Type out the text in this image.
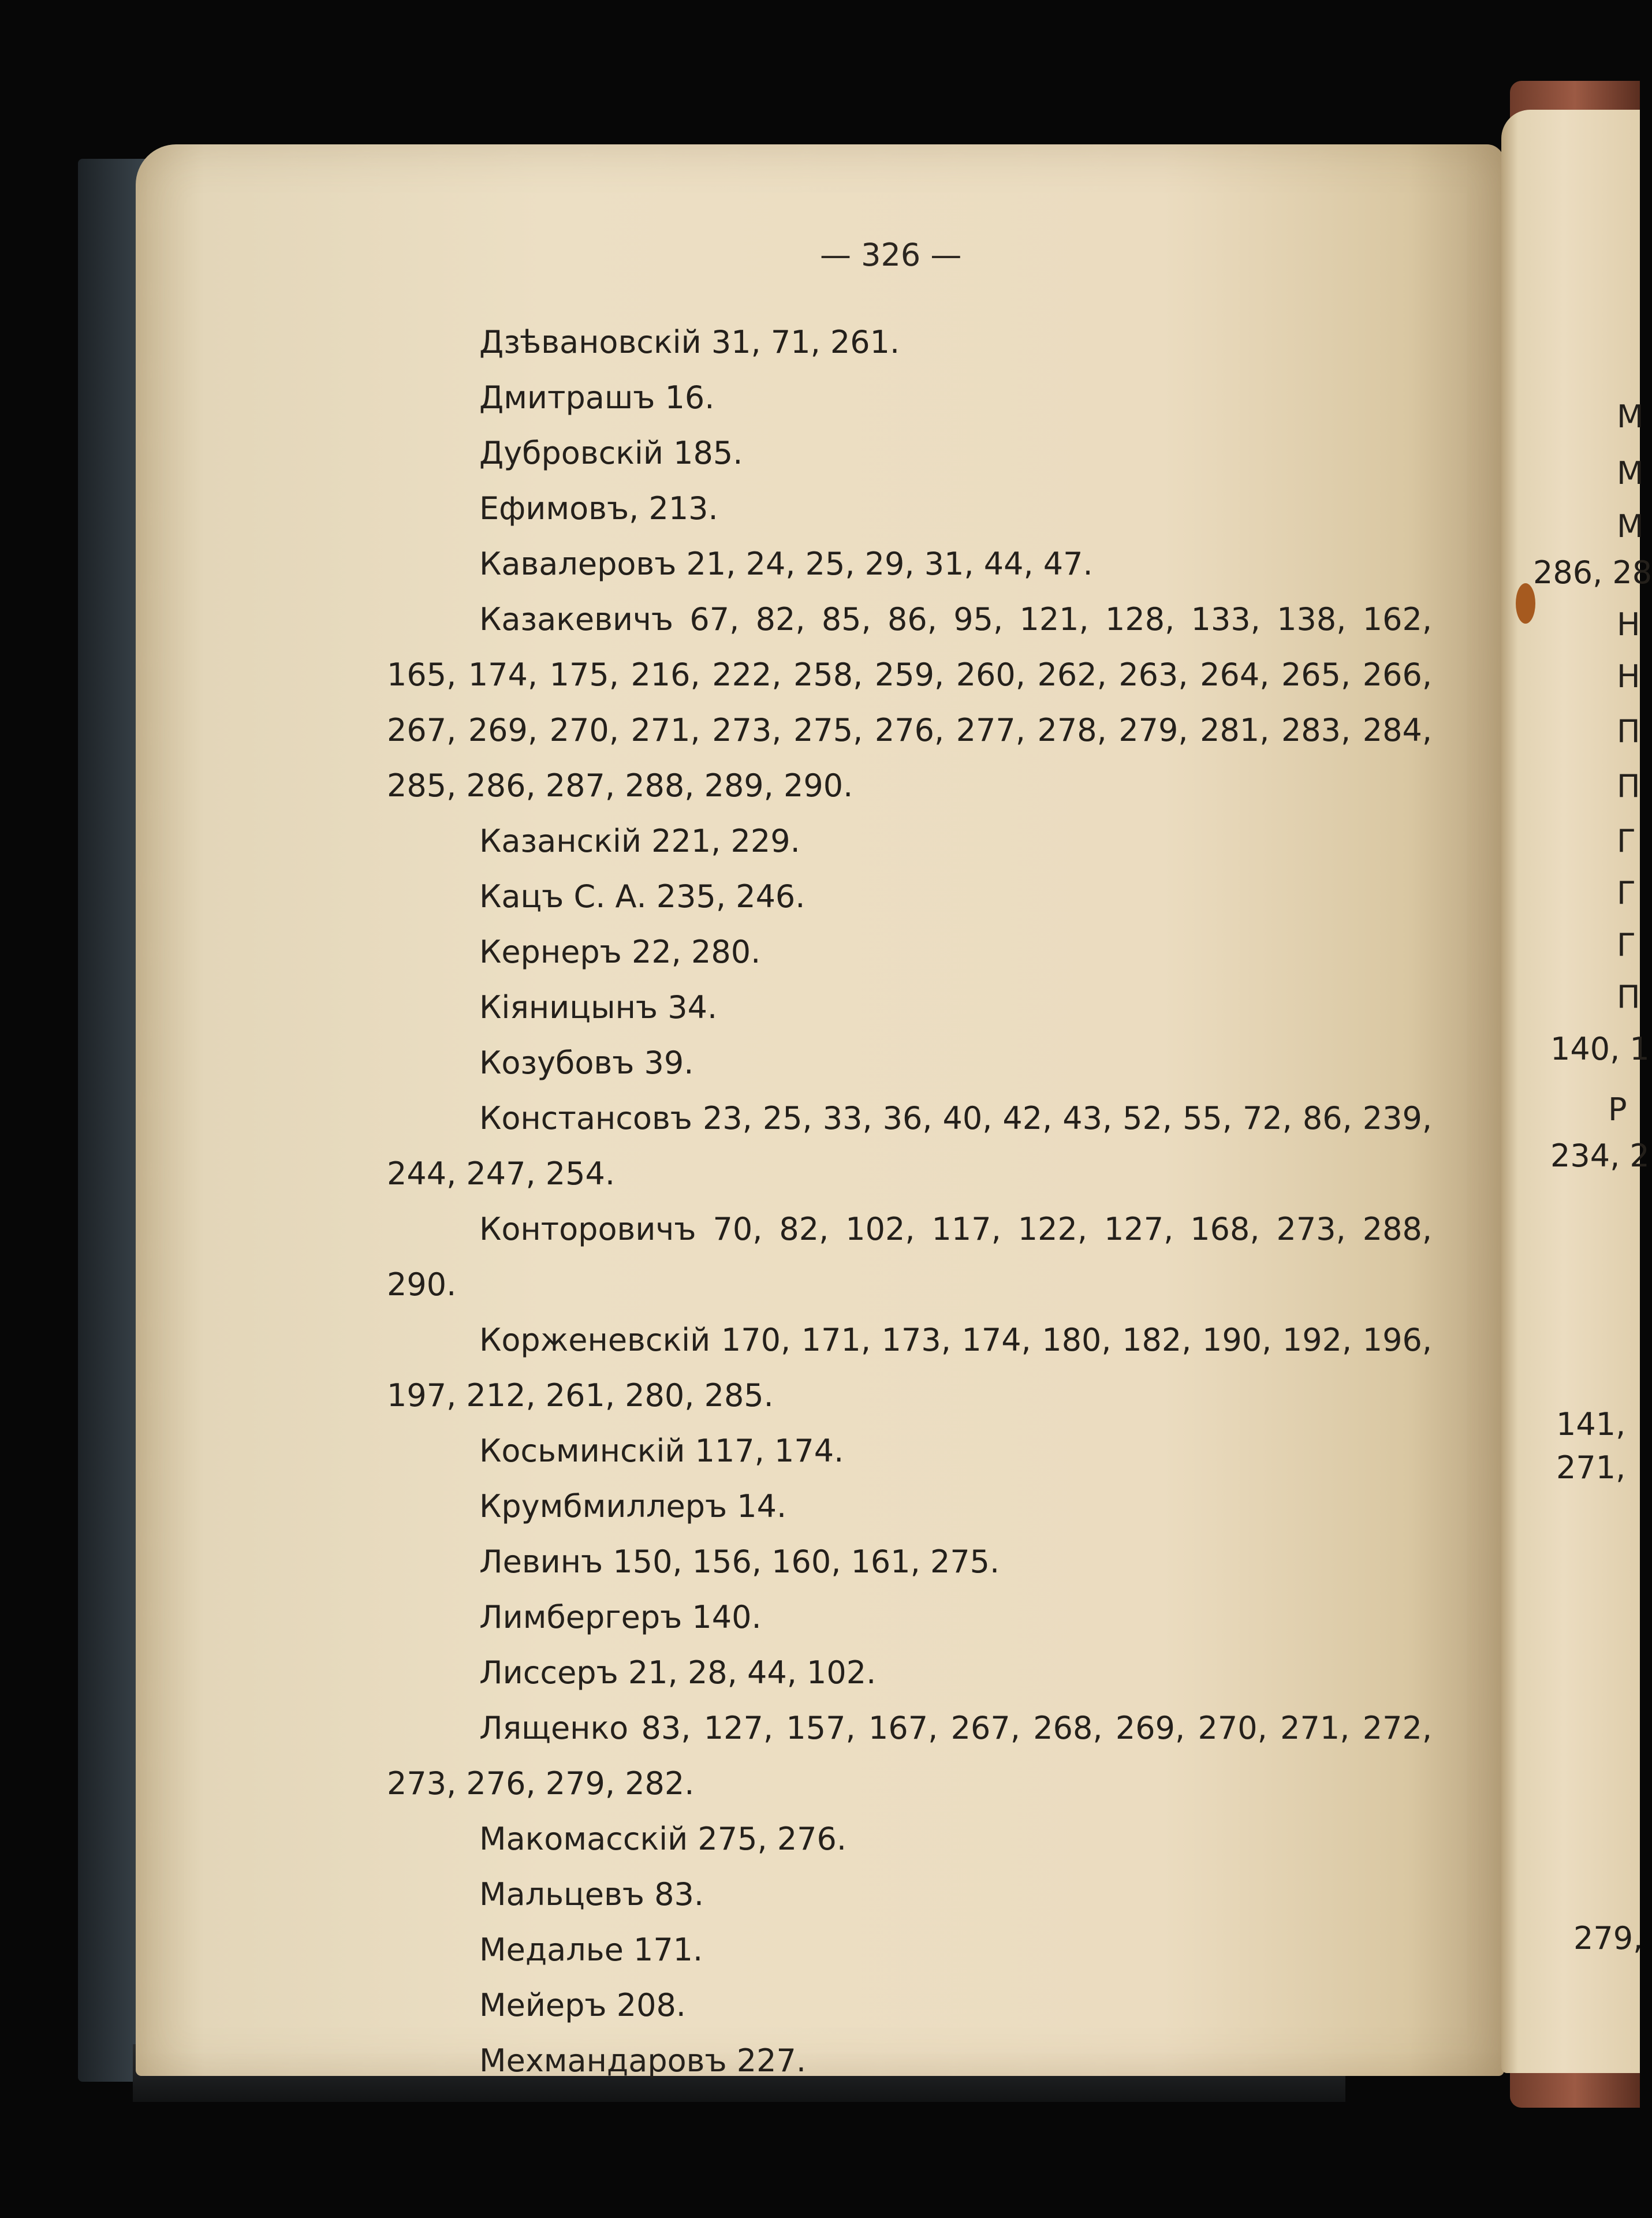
М
М
М
286, 28
Н
Н
П
П
Г
Г
Г
П
140, 1
Р
234, 2
141,
271,
279,
— 326 —
Дзѣвановскій 31, 71, 261.
Дмитрашъ 16.
Дубровскій 185.
Ефимовъ, 213.
Кавалеровъ 21, 24, 25, 29, 31, 44, 47.
Казакевичъ 67, 82, 85, 86, 95, 121, 128, 133, 138, 162, 165, 174, 175, 216, 222, 258, 259, 260, 262, 263, 264, 265, 266, 267, 269, 270, 271, 273, 275, 276, 277, 278, 279, 281, 283, 284, 285, 286, 287, 288, 289, 290.
Казанскій 221, 229.
Кацъ С. А. 235, 246.
Кернеръ 22, 280.
Кіяницынъ 34.
Козубовъ 39.
Констансовъ 23, 25, 33, 36, 40, 42, 43, 52, 55, 72, 86, 239, 244, 247, 254.
Конторовичъ 70, 82, 102, 117, 122, 127, 168, 273, 288, 290.
Корженевскій 170, 171, 173, 174, 180, 182, 190, 192, 196, 197, 212, 261, 280, 285.
Косьминскій 117, 174.
Крумбмиллеръ 14.
Левинъ 150, 156, 160, 161, 275.
Лимбергеръ 140.
Лиссеръ 21, 28, 44, 102.
Лященко 83, 127, 157, 167, 267, 268, 269, 270, 271, 272, 273, 276, 279, 282.
Макомасскій 275, 276.
Мальцевъ 83.
Медалье 171.
Мейеръ 208.
Мехмандаровъ 227.
